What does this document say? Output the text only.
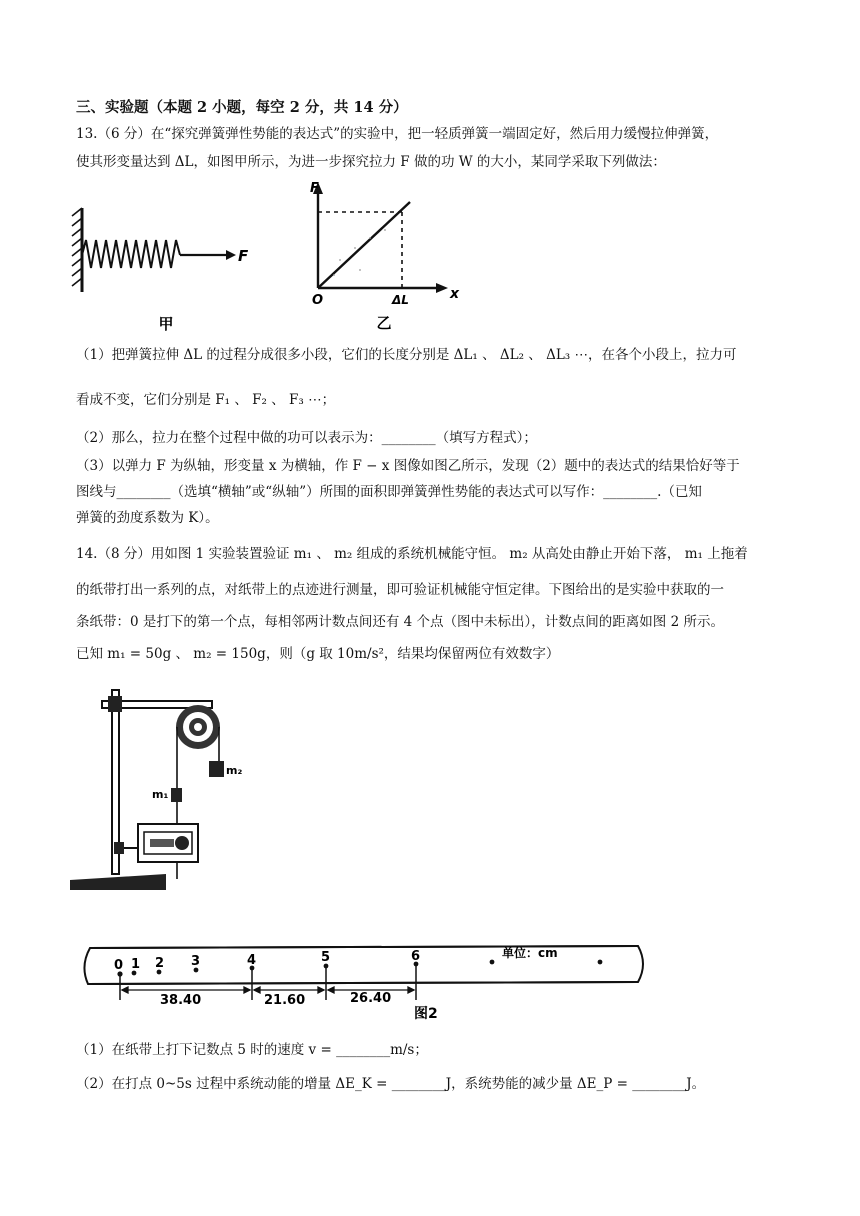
三、实验题（本题 2 小题，每空 2 分，共 14 分）
13.（6 分）在“探究弹簧弹性势能的表达式”的实验中，把一轻质弹簧一端固定好，然后用力缓慢拉伸弹簧，
使其形变量达到 ΔL，如图甲所示，为进一步探究拉力 F 做的功 W 的大小，某同学采取下列做法：
F
甲
F
x
O	ΔL
乙
（1）把弹簧拉伸 ΔL 的过程分成很多小段，它们的长度分别是 ΔL₁ 、 ΔL₂ 、 ΔL₃ ⋯，在各个小段上，拉力可
看成不变，它们分别是 F₁ 、 F₂ 、 F₃ ⋯；
（2）那么，拉力在整个过程中做的功可以表示为：________（填写方程式）；
（3）以弹力 F 为纵轴，形变量 x 为横轴，作 F − x 图像如图乙所示，发现（2）题中的表达式的结果恰好等于
图线与________（选填“横轴”或“纵轴”）所围的面积即弹簧弹性势能的表达式可以写作：________.（已知
弹簧的劲度系数为 K）。
14.（8 分）用如图 1 实验装置验证 m₁ 、 m₂ 组成的系统机械能守恒。 m₂ 从高处由静止开始下落， m₁ 上拖着
的纸带打出一系列的点，对纸带上的点迹进行测量，即可验证机械能守恒定律。下图给出的是实验中获取的一
条纸带：0 是打下的第一个点，每相邻两计数点间还有 4 个点（图中未标出），计数点间的距离如图 2 所示。
已知 m₁ = 50g 、 m₂ = 150g，则（g 取 10m/s²，结果均保留两位有效数字）
m₂
m₁
0 1 2 3	4	5	6	单位：cm
38.40	21.60	26.40
图2
（1）在纸带上打下记数点 5 时的速度 v = ________m/s；
（2）在打点 0~5s 过程中系统动能的增量 ΔE_K = ________J，系统势能的减少量 ΔE_P = ________J。
